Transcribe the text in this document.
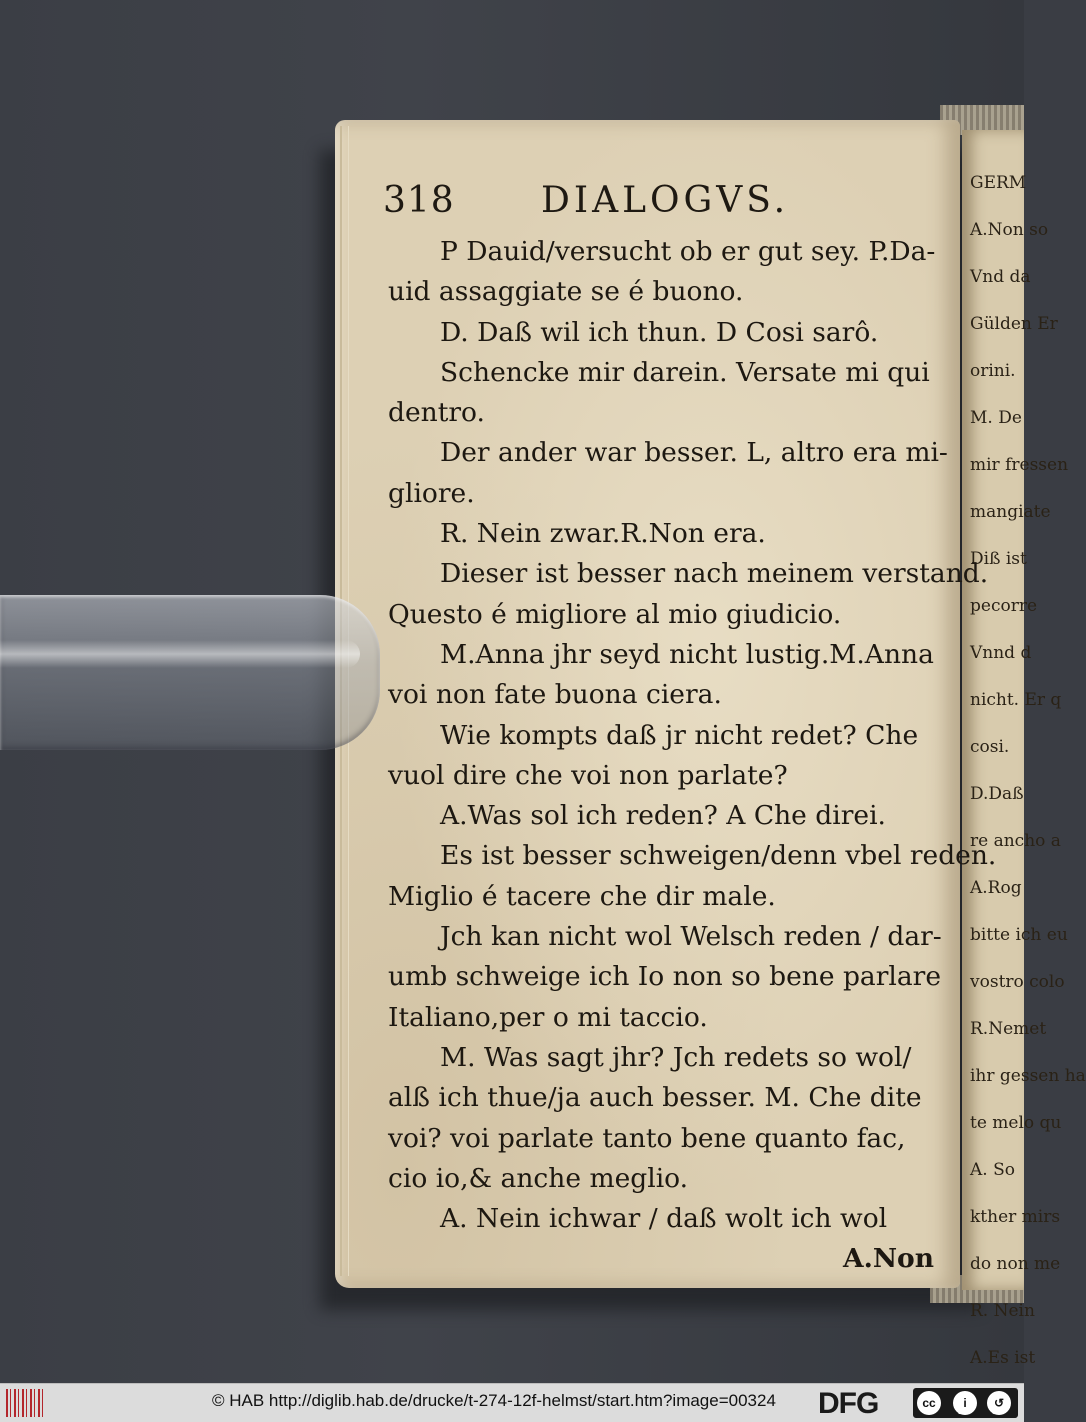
GERM
A.Non so
Vnd da
Gülden Er
orini.
M. De
mir fressen
mangiate
Diß ist
pecorre
Vnnd d
nicht. Er q
cosi.
D.Daß
re ancho a
A.Rog
bitte ich eu
vostro colo
R.Nemet
ihr gessen ha
te melo qu
A. So
kther mirs
do non me
R. Nein
A.Es ist
318 DIALOGVS.
P Dauid/versucht ob er gut sey. P.Da-
uid assaggiate se é buono.
D. Daß wil ich thun. D Cosi sarô.
Schencke mir darein. Versate mi qui
dentro.
Der ander war besser. L, altro era mi-
gliore.
R. Nein zwar.R.Non era.
Dieser ist besser nach meinem verstand.
Questo é migliore al mio giudicio.
M.Anna jhr seyd nicht lustig.M.Anna
voi non fate buona ciera.
Wie kompts daß jr nicht redet? Che
vuol dire che voi non parlate?
A.Was sol ich reden? A Che direi.
Es ist besser schweigen/denn vbel reden.
Miglio é tacere che dir male.
Jch kan nicht wol Welsch reden / dar-
umb schweige ich Io non so bene parlare
Italiano,per o mi taccio.
M. Was sagt jhr? Jch redets so wol/
alß ich thue/ja auch besser. M. Che dite
voi? voi parlate tanto bene quanto fac,
cio io,& anche meglio.
A. Nein ichwar / daß wolt ich wol
A.Non
© HAB http://diglib.hab.de/drucke/t-274-12f-helmst/start.htm?image=00324 DFG	cc	i	↺
BY	SA
